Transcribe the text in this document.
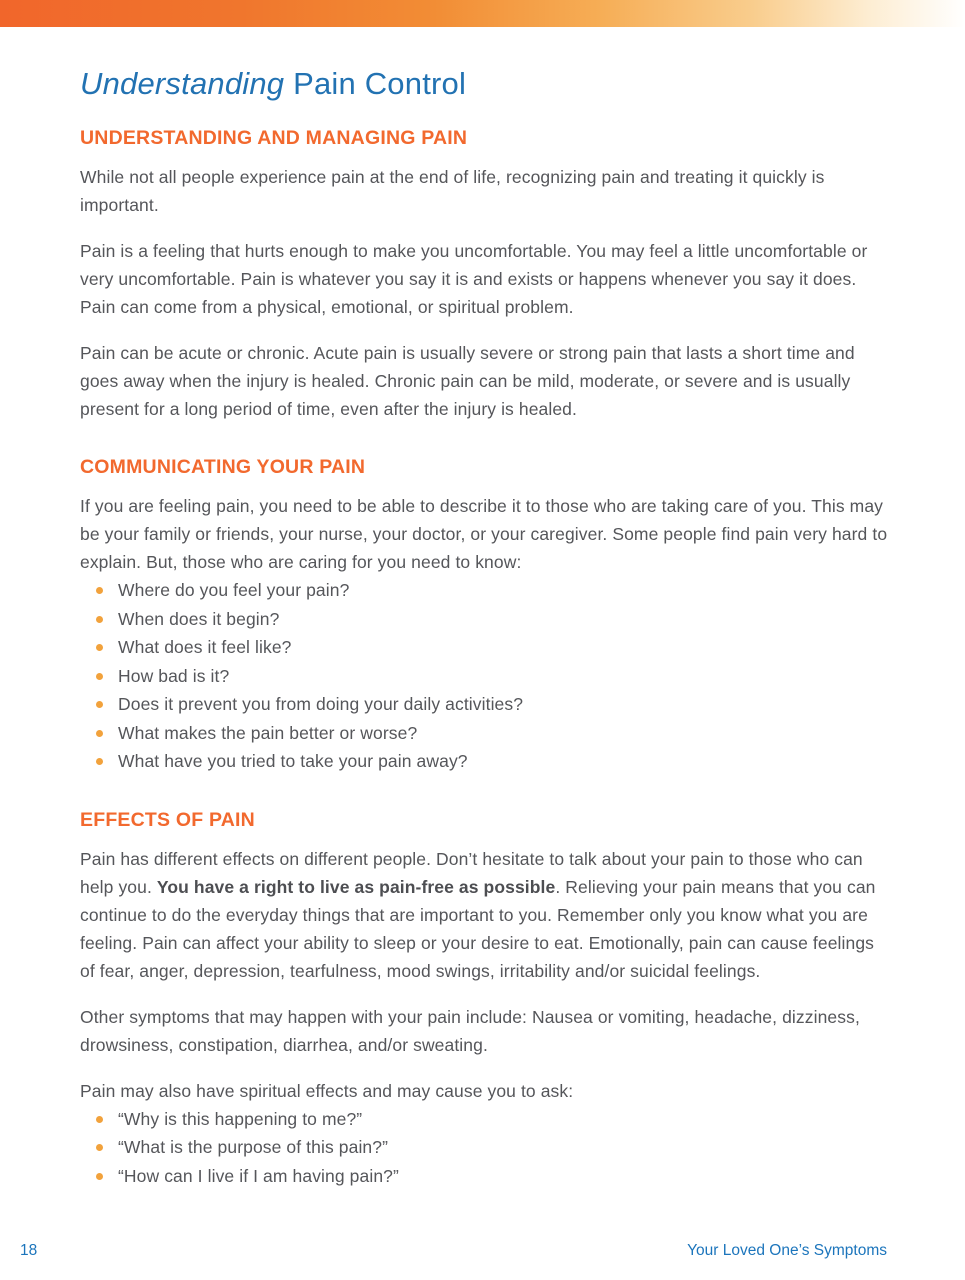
Understanding Pain Control
UNDERSTANDING AND MANAGING PAIN

While not all people experience pain at the end of life, recognizing pain and treating it quickly is important.

Pain is a feeling that hurts enough to make you uncomfortable. You may feel a little uncomfortable or very uncomfortable. Pain is whatever you say it is and exists or happens whenever you say it does. Pain can come from a physical, emotional, or spiritual problem.

Pain can be acute or chronic. Acute pain is usually severe or strong pain that lasts a short time and goes away when the injury is healed. Chronic pain can be mild, moderate, or severe and is usually present for a long period of time, even after the injury is healed.

COMMUNICATING YOUR PAIN

If you are feeling pain, you need to be able to describe it to those who are taking care of you. This may be your family or friends, your nurse, your doctor, or your caregiver. Some people find pain very hard to explain. But, those who are caring for you need to know:

Where do you feel your pain?
When does it begin?
What does it feel like?
How bad is it?
Does it prevent you from doing your daily activities?
What makes the pain better or worse?
What have you tried to take your pain away?
EFFECTS OF PAIN

Pain has different effects on different people. Don’t hesitate to talk about your pain to those who can help you. You have a right to live as pain-free as possible. Relieving your pain means that you can continue to do the everyday things that are important to you. Remember only you know what you are feeling. Pain can affect your ability to sleep or your desire to eat. Emotionally, pain can cause feelings of fear, anger, depression, tearfulness, mood swings, irritability and/or suicidal feelings.

Other symptoms that may happen with your pain include: Nausea or vomiting, headache, dizziness, drowsiness, constipation, diarrhea, and/or sweating.

Pain may also have spiritual effects and may cause you to ask:

“Why is this happening to me?”
“What is the purpose of this pain?”
“How can I live if I am having pain?”
18	Your Loved One’s Symptoms
